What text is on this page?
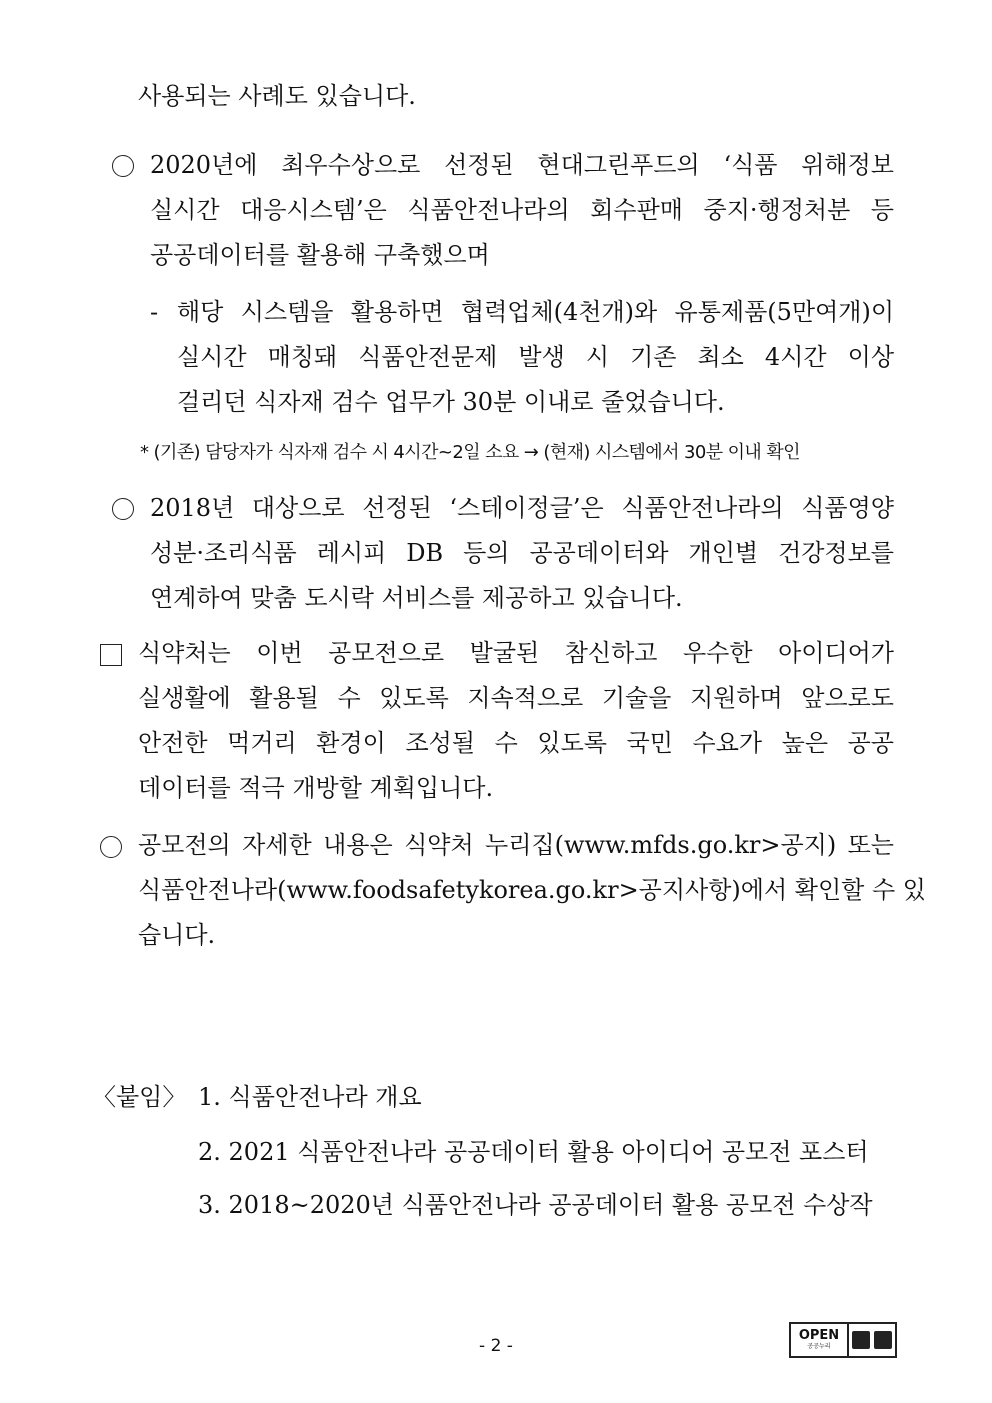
사용되는 사례도 있습니다.
2020년에 최우수상으로 선정된 현대그린푸드의 ‘식품 위해정보
실시간 대응시스템’은 식품안전나라의 회수판매 중지·행정처분 등
공공데이터를 활용해 구축했으며
- 해당 시스템을 활용하면 협력업체(4천개)와 유통제품(5만여개)이
실시간 매칭돼 식품안전문제 발생 시 기존 최소 4시간 이상
걸리던 식자재 검수 업무가 30분 이내로 줄었습니다.
* (기존) 담당자가 식자재 검수 시 4시간~2일 소요 → (현재) 시스템에서 30분 이내 확인
2018년 대상으로 선정된 ‘스테이정글’은 식품안전나라의 식품영양
성분·조리식품 레시피 DB 등의 공공데이터와 개인별 건강정보를
연계하여 맞춤 도시락 서비스를 제공하고 있습니다.
식약처는 이번 공모전으로 발굴된 참신하고 우수한 아이디어가
실생활에 활용될 수 있도록 지속적으로 기술을 지원하며 앞으로도
안전한 먹거리 환경이 조성될 수 있도록 국민 수요가 높은 공공
데이터를 적극 개방할 계획입니다.
공모전의 자세한 내용은 식약처 누리집(www.mfds.go.kr>공지) 또는
식품안전나라(www.foodsafetykorea.go.kr>공지사항)에서 확인할 수 있
습니다.
〈붙임〉 1. 식품안전나라 개요
2. 2021 식품안전나라 공공데이터 활용 아이디어 공모전 포스터
3. 2018~2020년 식품안전나라 공공데이터 활용 공모전 수상작
- 2 -
OPEN
공공누리
